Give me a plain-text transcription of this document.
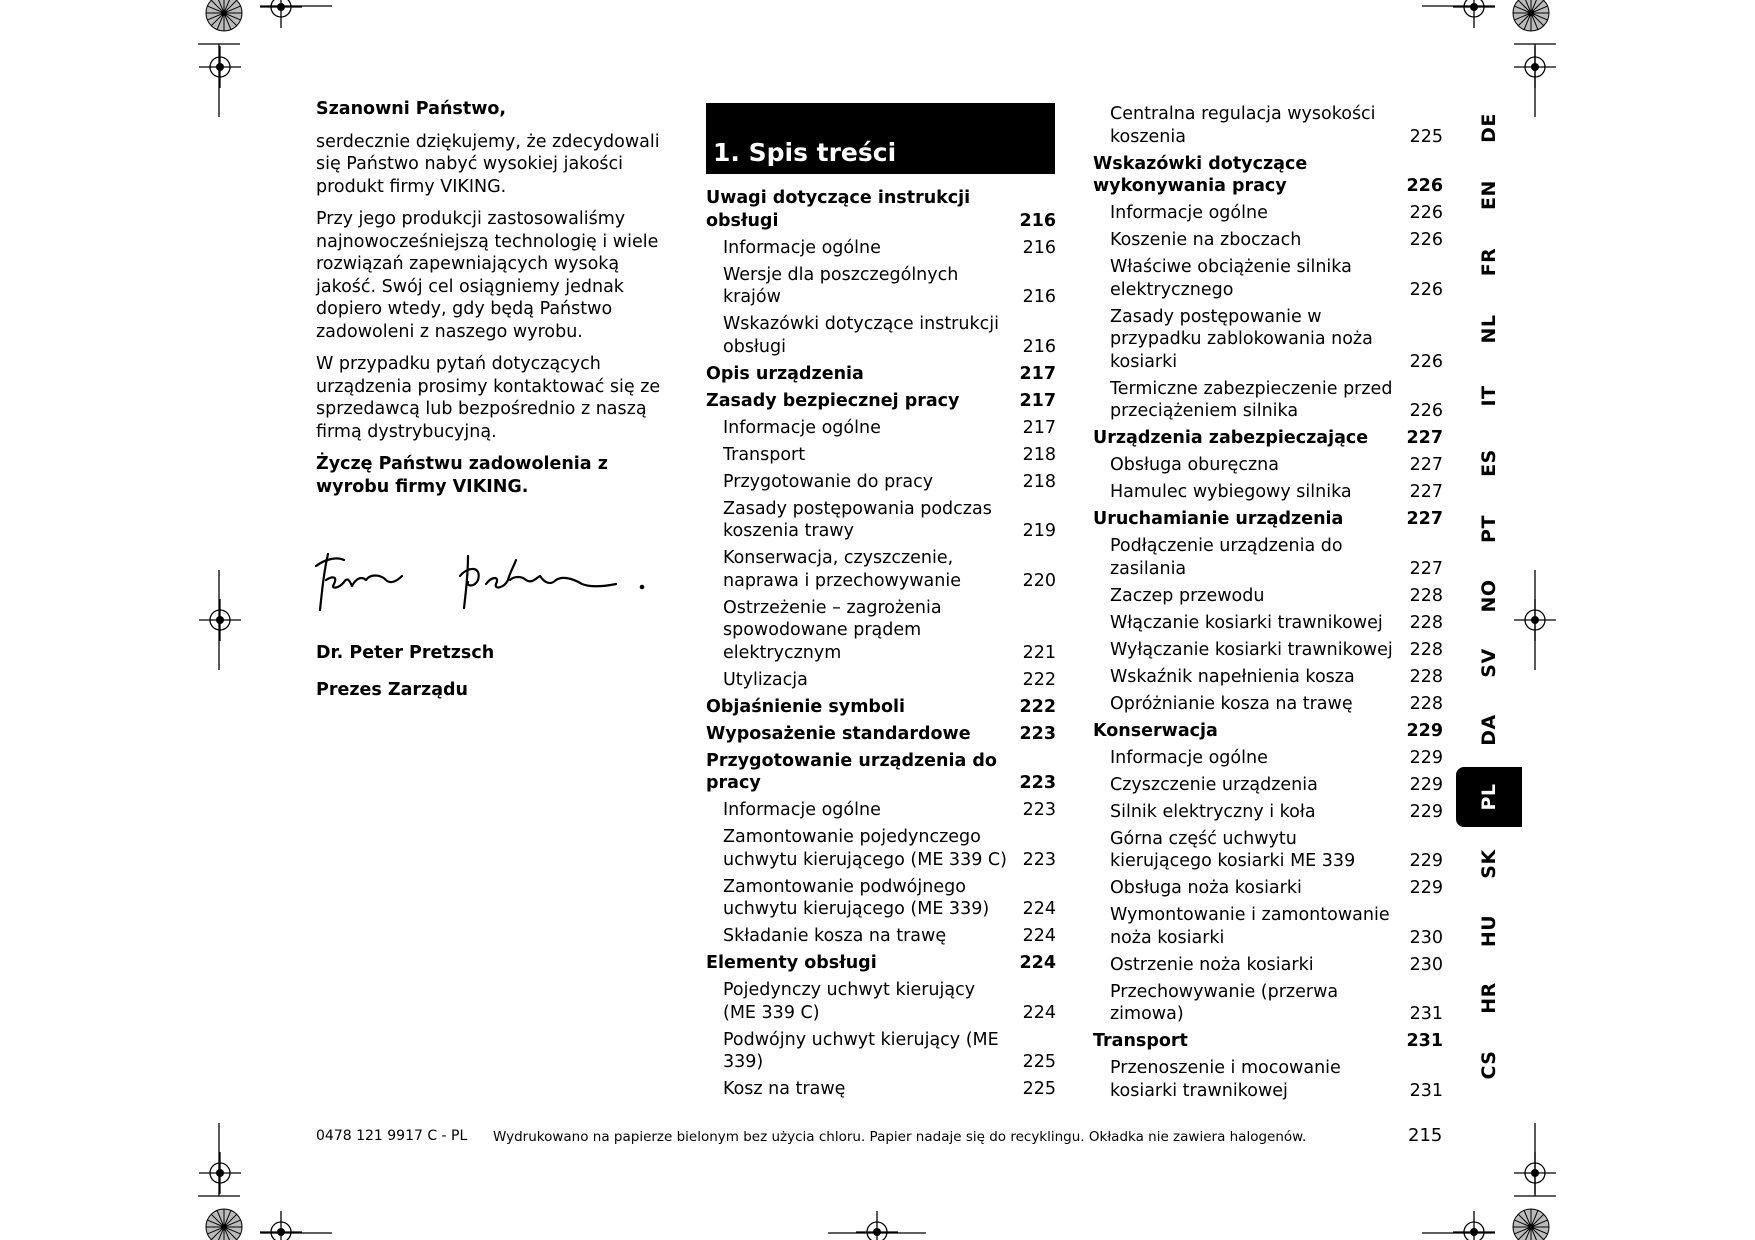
Szanowni Państwo,

serdecznie dziękujemy, że zdecydowali się Państwo nabyć wysokiej jakości produkt firmy VIKING.

Przy jego produkcji zastosowaliśmy najnowocześniejszą technologię i wiele rozwiązań zapewniających wysoką jakość. Swój cel osiągniemy jednak dopiero wtedy, gdy będą Państwo zadowoleni z naszego wyrobu.

W przypadku pytań dotyczących urządzenia prosimy kontaktować się ze sprzedawcą lub bezpośrednio z naszą firmą dystrybucyjną.

Życzę Państwu zadowolenia z wyrobu firmy VIKING.

Dr. Peter Pretzsch

Prezes Zarządu

1. Spis treści
Uwagi dotyczące instrukcji obsługi	216
Informacje ogólne	216
Wersje dla poszczególnych krajów	216
Wskazówki dotyczące instrukcji obsługi	216
Opis urządzenia	217
Zasady bezpiecznej pracy	217
Informacje ogólne	217
Transport	218
Przygotowanie do pracy	218
Zasady postępowania podczas koszenia trawy	219
Konserwacja, czyszczenie, naprawa i przechowywanie	220
Ostrzeżenie – zagrożenia spowodowane prądem elektrycznym	221
Utylizacja	222
Objaśnienie symboli	222
Wyposażenie standardowe	223
Przygotowanie urządzenia do pracy	223
Informacje ogólne	223
Zamontowanie pojedynczego uchwytu kierującego (ME 339 C) 223
Zamontowanie podwójnego uchwytu kierującego (ME 339)	224
Składanie kosza na trawę	224
Elementy obsługi	224
Pojedynczy uchwyt kierujący (ME 339 C)	224
Podwójny uchwyt kierujący (ME 339)	225
Kosz na trawę	225
Centralna regulacja wysokości koszenia	225
Wskazówki dotyczące wykonywania pracy	226
Informacje ogólne	226
Koszenie na zboczach	226
Właściwe obciążenie silnika elektrycznego	226
Zasady postępowanie w przypadku zablokowania noża kosiarki	226
Termiczne zabezpieczenie przed przeciążeniem silnika	226
Urządzenia zabezpieczające	227
Obsługa oburęczna	227
Hamulec wybiegowy silnika	227
Uruchamianie urządzenia	227
Podłączenie urządzenia do zasilania	227
Zaczep przewodu	228
Włączanie kosiarki trawnikowej	228
Wyłączanie kosiarki trawnikowej 228
Wskaźnik napełnienia kosza	228
Opróżnianie kosza na trawę	228
Konserwacja	229
Informacje ogólne	229
Czyszczenie urządzenia	229
Silnik elektryczny i koła	229
Górna część uchwytu kierującego kosiarki ME 339	229
Obsługa noża kosiarki	229
Wymontowanie i zamontowanie noża kosiarki	230
Ostrzenie noża kosiarki	230
Przechowywanie (przerwa zimowa)	231
Transport	231
Przenoszenie i mocowanie kosiarki trawnikowej	231
DE
EN
FR
NL
IT
ES
PT
NO
SV
DA
PL
SK
HU
HR
CS
0478 121 9917 C - PL Wydrukowano na papierze bielonym bez użycia chloru. Papier nadaje się do recyklingu. Okładka nie zawiera halogenów.	215
